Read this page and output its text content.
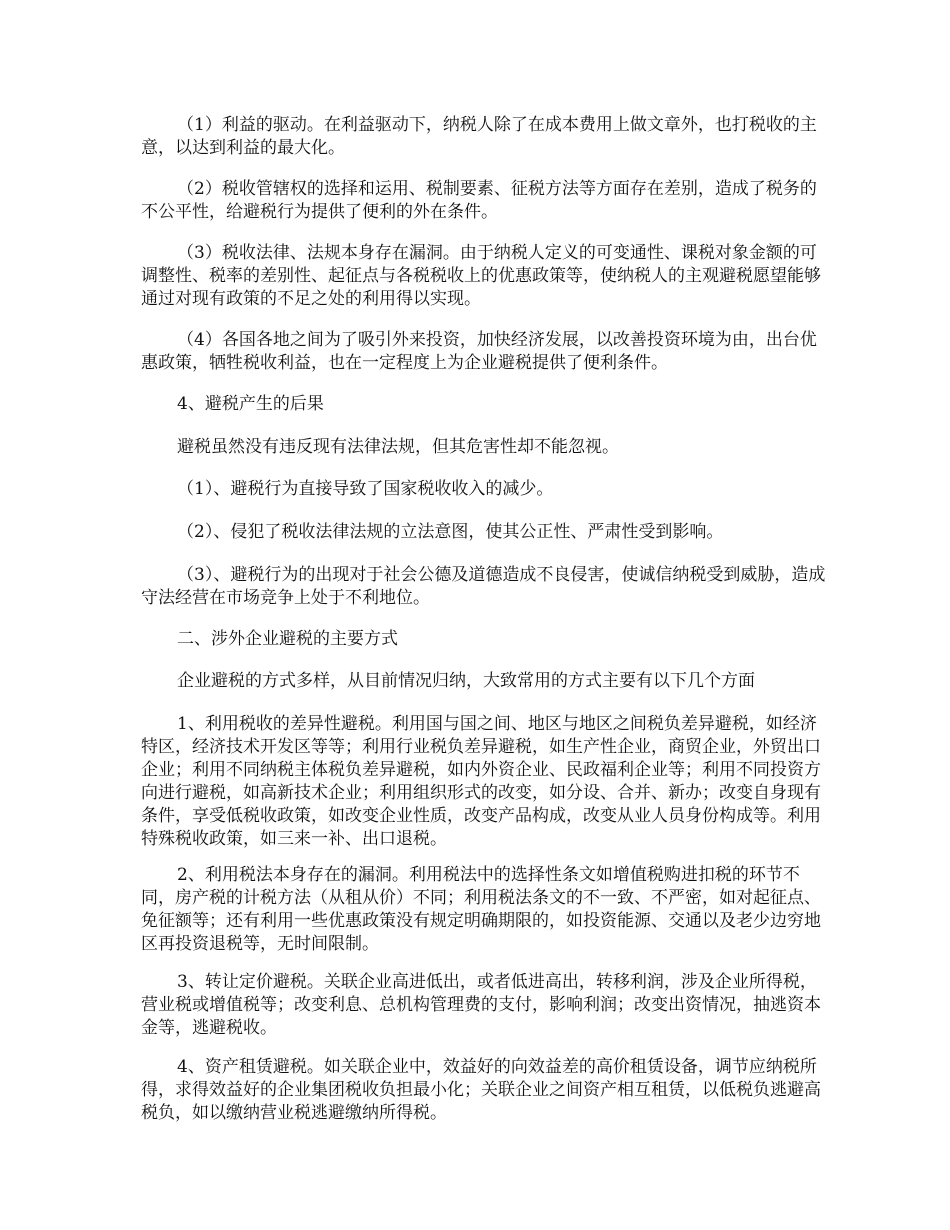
（1）利益的驱动。在利益驱动下，纳税人除了在成本费用上做文章外，也打税收的主意，以达到利益的最大化。

（2）税收管辖权的选择和运用、税制要素、征税方法等方面存在差别，造成了税务的不公平性，给避税行为提供了便利的外在条件。

（3）税收法律、法规本身存在漏洞。由于纳税人定义的可变通性、课税对象金额的可调整性、税率的差别性、起征点与各税税收上的优惠政策等，使纳税人的主观避税愿望能够通过对现有政策的不足之处的利用得以实现。

（4）各国各地之间为了吸引外来投资，加快经济发展，以改善投资环境为由，出台优惠政策，牺牲税收利益，也在一定程度上为企业避税提供了便利条件。

4、避税产生的后果

避税虽然没有违反现有法律法规，但其危害性却不能忽视。

（1）、避税行为直接导致了国家税收收入的减少。

（2）、侵犯了税收法律法规的立法意图，使其公正性、严肃性受到影响。

（3）、避税行为的出现对于社会公德及道德造成不良侵害，使诚信纳税受到威胁，造成守法经营在市场竞争上处于不利地位。

二、涉外企业避税的主要方式

企业避税的方式多样，从目前情况归纳，大致常用的方式主要有以下几个方面

1、利用税收的差异性避税。利用国与国之间、地区与地区之间税负差异避税，如经济特区，经济技术开发区等等；利用行业税负差异避税，如生产性企业，商贸企业，外贸出口企业；利用不同纳税主体税负差异避税，如内外资企业、民政福利企业等；利用不同投资方向进行避税，如高新技术企业；利用组织形式的改变，如分设、合并、新办；改变自身现有条件，享受低税收政策，如改变企业性质，改变产品构成，改变从业人员身份构成等。利用特殊税收政策，如三来一补、出口退税。

2、利用税法本身存在的漏洞。利用税法中的选择性条文如增值税购进扣税的环节不同，房产税的计税方法（从租从价）不同；利用税法条文的不一致、不严密，如对起征点、免征额等；还有利用一些优惠政策没有规定明确期限的，如投资能源、交通以及老少边穷地区再投资退税等，无时间限制。

3、转让定价避税。关联企业高进低出，或者低进高出，转移利润，涉及企业所得税，营业税或增值税等；改变利息、总机构管理费的支付，影响利润；改变出资情况，抽逃资本金等，逃避税收。

4、资产租赁避税。如关联企业中，效益好的向效益差的高价租赁设备，调节应纳税所得，求得效益好的企业集团税收负担最小化；关联企业之间资产相互租赁，以低税负逃避高税负，如以缴纳营业税逃避缴纳所得税。
